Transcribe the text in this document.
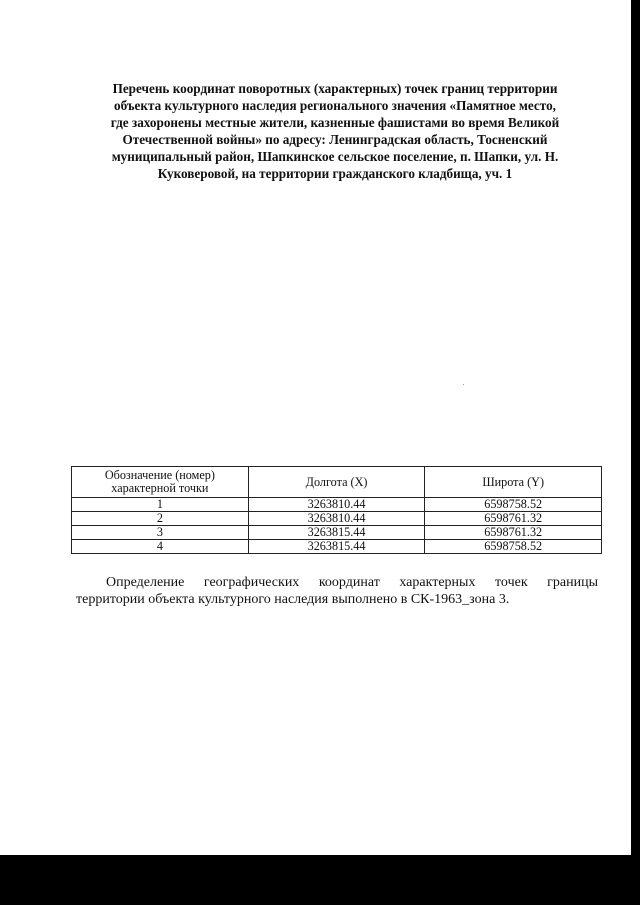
Перечень координат поворотных (характерных) точек границ территории
объекта культурного наследия регионального значения «Памятное место,
где захоронены местные жители, казненные фашистами во время Великой
Отечественной войны» по адресу: Ленинградская область, Тосненский
муниципальный район, Шапкинское сельское поселение, п. Шапки, ул. Н.
Куковеровой, на территории гражданского кладбища, уч. 1
Обозначение (номер) характерной точки	Долгота (X)	Широта (Y)
1	3263810.44	6598758.52
2	3263810.44	6598761.32
3	3263815.44	6598761.32
4	3263815.44	6598758.52
Определение географических координат характерных точек границы
территории объекта культурного наследия выполнено в СК-1963_зона 3.
